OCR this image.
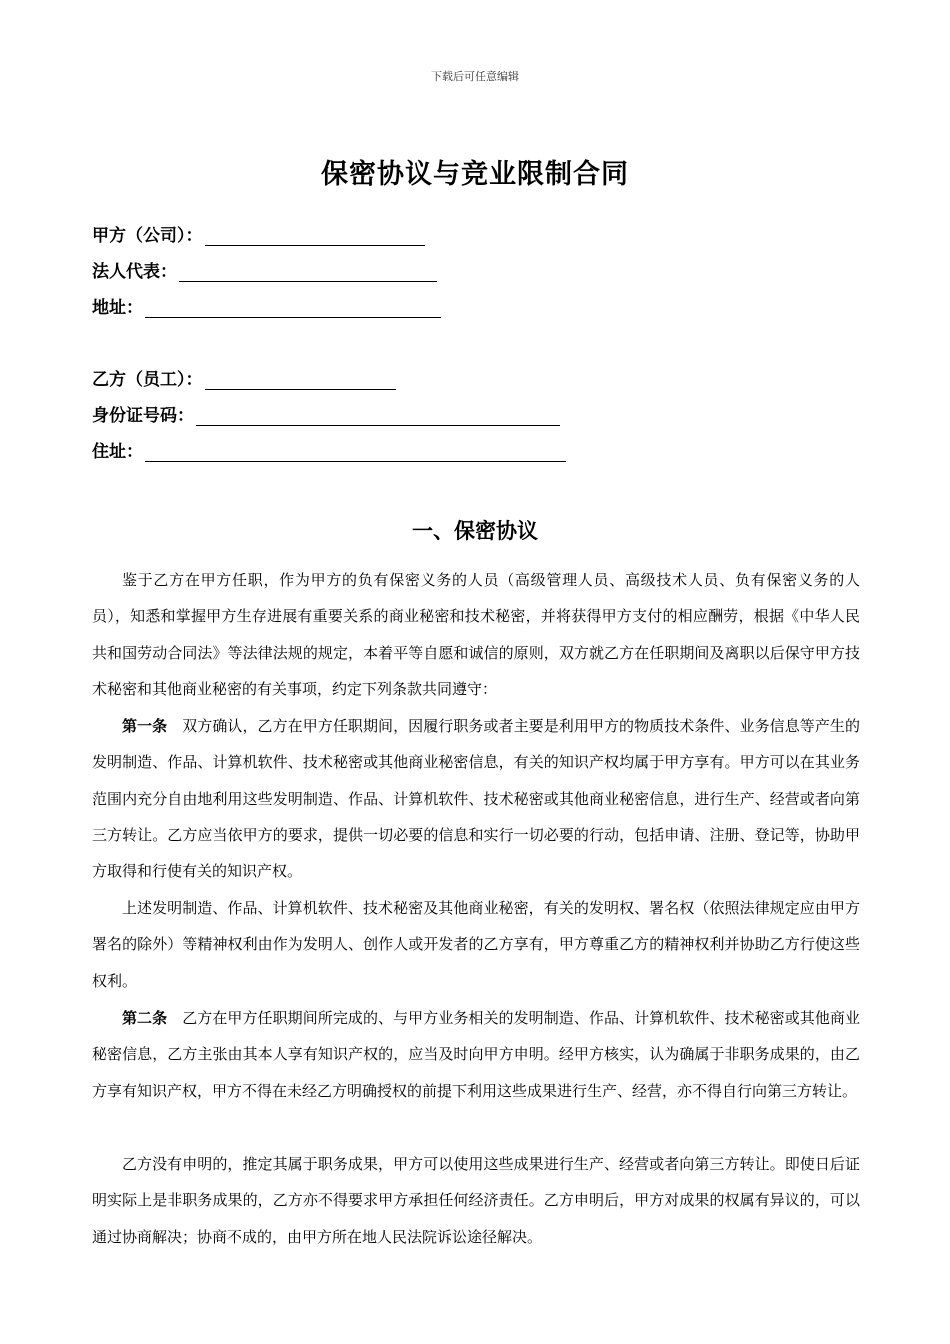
下载后可任意编辑
保密协议与竞业限制合同
甲方（公司）：
法人代表：
地址：
乙方（员工）：
身份证号码：
住址：
一、保密协议
鉴于乙方在甲方任职，作为甲方的负有保密义务的人员（高级管理人员、高级技术人员、负有保密义务的人员），知悉和掌握甲方生存进展有重要关系的商业秘密和技术秘密，并将获得甲方支付的相应酬劳，根据《中华人民共和国劳动合同法》等法律法规的规定，本着平等自愿和诚信的原则，双方就乙方在任职期间及离职以后保守甲方技术秘密和其他商业秘密的有关事项，约定下列条款共同遵守：
第一条　 双方确认，乙方在甲方任职期间，因履行职务或者主要是利用甲方的物质技术条件、业务信息等产生的发明制造、作品、计算机软件、技术秘密或其他商业秘密信息，有关的知识产权均属于甲方享有。甲方可以在其业务范围内充分自由地利用这些发明制造、作品、计算机软件、技术秘密或其他商业秘密信息，进行生产、经营或者向第三方转让。乙方应当依甲方的要求，提供一切必要的信息和实行一切必要的行动，包括申请、注册、登记等，协助甲方取得和行使有关的知识产权。
上述发明制造、作品、计算机软件、技术秘密及其他商业秘密，有关的发明权、署名权（依照法律规定应由甲方署名的除外）等精神权利由作为发明人、创作人或开发者的乙方享有，甲方尊重乙方的精神权利并协助乙方行使这些权利。
第二条　 乙方在甲方任职期间所完成的、与甲方业务相关的发明制造、作品、计算机软件、技术秘密或其他商业秘密信息，乙方主张由其本人享有知识产权的，应当及时向甲方申明。经甲方核实，认为确属于非职务成果的，由乙方享有知识产权，甲方不得在未经乙方明确授权的前提下利用这些成果进行生产、经营，亦不得自行向第三方转让。
乙方没有申明的，推定其属于职务成果，甲方可以使用这些成果进行生产、经营或者向第三方转让。即使日后证明实际上是非职务成果的，乙方亦不得要求甲方承担任何经济责任。乙方申明后，甲方对成果的权属有异议的，可以通过协商解决；协商不成的，由甲方所在地人民法院诉讼途径解决。
